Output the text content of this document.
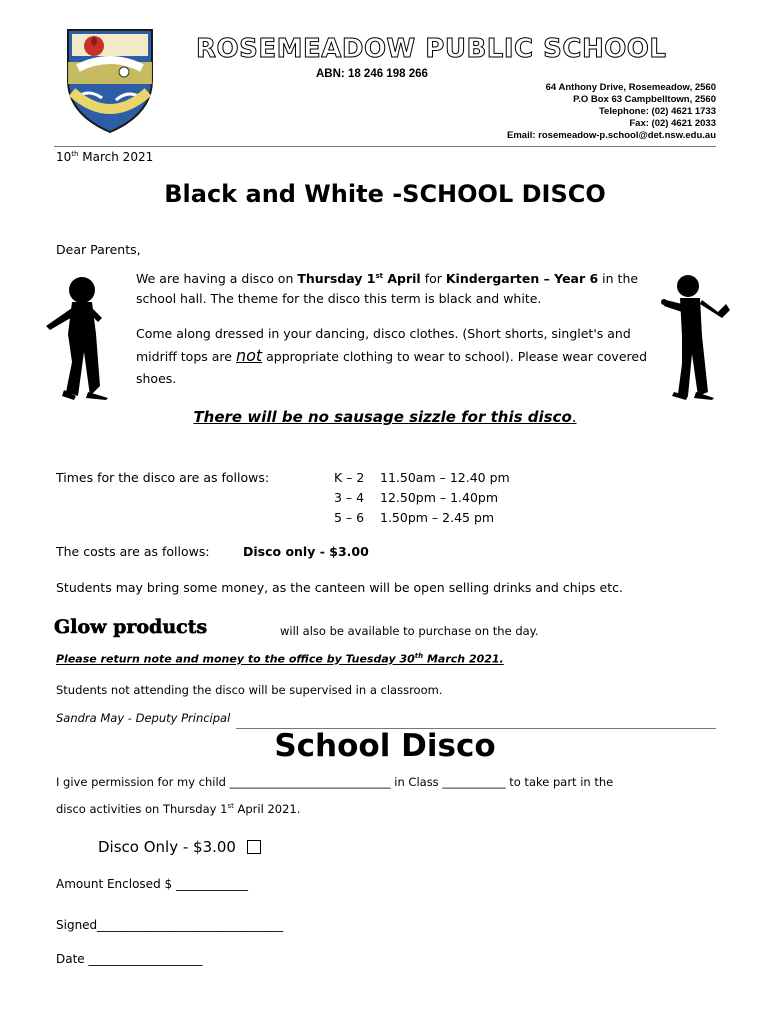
ROSEMEADOW PUBLIC SCHOOL
ABN: 18 246 198 266
64 Anthony Drive, Rosemeadow, 2560
P.O Box 63 Campbelltown, 2560
Telephone: (02) 4621 1733
Fax: (02) 4621 2033
Email: rosemeadow-p.school@det.nsw.edu.au
10th March 2021
Black and White -SCHOOL DISCO
Dear Parents,
We are having a disco on Thursday 1st April for Kindergarten – Year 6 in the school hall. The theme for the disco this term is black and white.
Come along dressed in your dancing, disco clothes. (Short shorts, singlet's and midriff tops are not appropriate clothing to wear to school). Please wear covered shoes.
There will be no sausage sizzle for this disco.
Times for the disco are as follows:	K – 2 11.50am – 12.40 pm
3 – 4 12.50pm – 1.40pm
5 – 6 1.50pm – 2.45 pm
The costs are as follows:	Disco only - $3.00
Students may bring some money, as the canteen will be open selling drinks and chips etc.
Glow products	will also be available to purchase on the day.
Please return note and money to the office by Tuesday 30th March 2021.
Students not attending the disco will be supervised in a classroom.
Sandra May - Deputy Principal
School Disco
I give permission for my child ____________________________ in Class ___________ to take part in the
disco activities on Thursday 1st April 2021.
Disco Only - $3.00
Amount Enclosed $ ____________
Signed_______________________________
Date ___________________
